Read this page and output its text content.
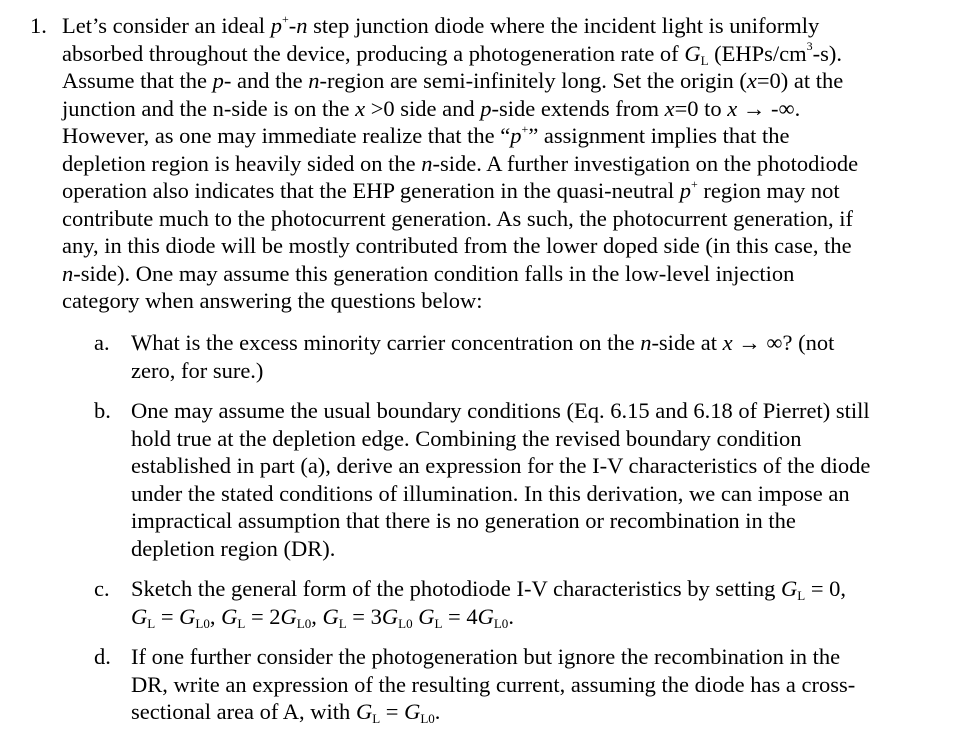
1. Let’s consider an ideal p+-n step junction diode where the incident light is uniformly
absorbed throughout the device, producing a photogeneration rate of $G_L$ $(EHPs/cm^3-s)$.
Assume that the p- and the n-region are semi-infinitely long. Set the origin (x=0) at the
junction and the n-side is on the x >0 side and p-side extends from x=0 to x → -∞.
However, as one may immediate realize that the “p+” assignment implies that the
depletion region is heavily sided on the n-side. A further investigation on the photodiode
operation also indicates that the EHP generation in the quasi-neutral p+ region may not
contribute much to the photocurrent generation. As such, the photocurrent generation, if
any, in this diode will be mostly contributed from the lower doped side (in this case, the
n-side). One may assume this generation condition falls in the low-level injection
category when answering the questions below:
a. What is the excess minority carrier concentration on the n-side at x → ∞? (not
zero, for sure.)
b. One may assume the usual boundary conditions (Eq. 6.15 and 6.18 of Pierret) still
hold true at the depletion edge. Combining the revised boundary condition
established in part (a), derive an expression for the I-V characteristics of the diode
under the stated conditions of illumination. In this derivation, we can impose an
impractical assumption that there is no generation or recombination in the
depletion region (DR).
c. Sketch the general form of the photodiode I-V characteristics by setting $G_L = 0$,
$G_L = G_{L0}$, $G_L = 2G_{L0}$, $G_L = 3G_{L0}$ $G_L = 4G_{L0}$.
d. If one further consider the photogeneration but ignore the recombination in the
DR, write an expression of the resulting current, assuming the diode has a cross-
sectional area of A, with $G_L = G_{L0}$.
